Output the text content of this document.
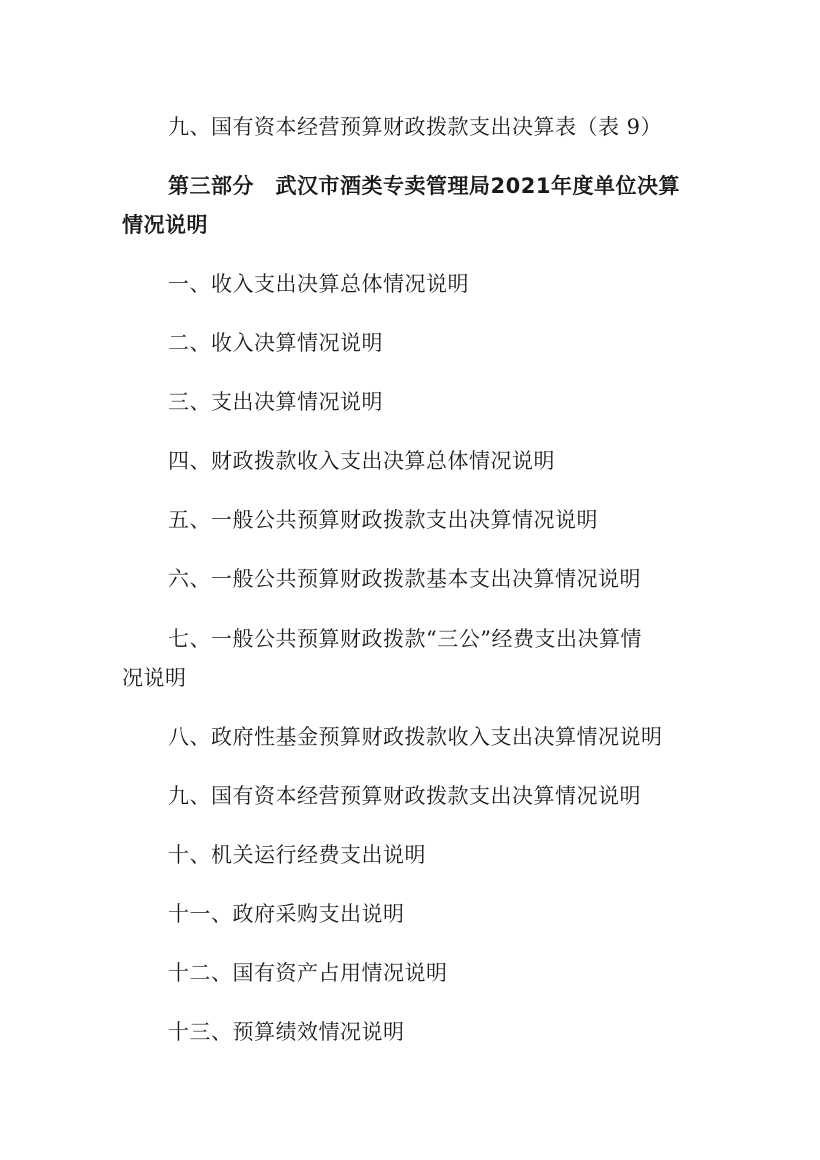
九、国有资本经营预算财政拨款支出决算表（表 9）
第三部分　武汉市酒类专卖管理局2021年度单位决算
情况说明
一、收入支出决算总体情况说明
二、收入决算情况说明
三、支出决算情况说明
四、财政拨款收入支出决算总体情况说明
五、一般公共预算财政拨款支出决算情况说明
六、一般公共预算财政拨款基本支出决算情况说明
七、一般公共预算财政拨款“三公”经费支出决算情
况说明
八、政府性基金预算财政拨款收入支出决算情况说明
九、国有资本经营预算财政拨款支出决算情况说明
十、机关运行经费支出说明
十一、政府采购支出说明
十二、国有资产占用情况说明
十三、预算绩效情况说明
